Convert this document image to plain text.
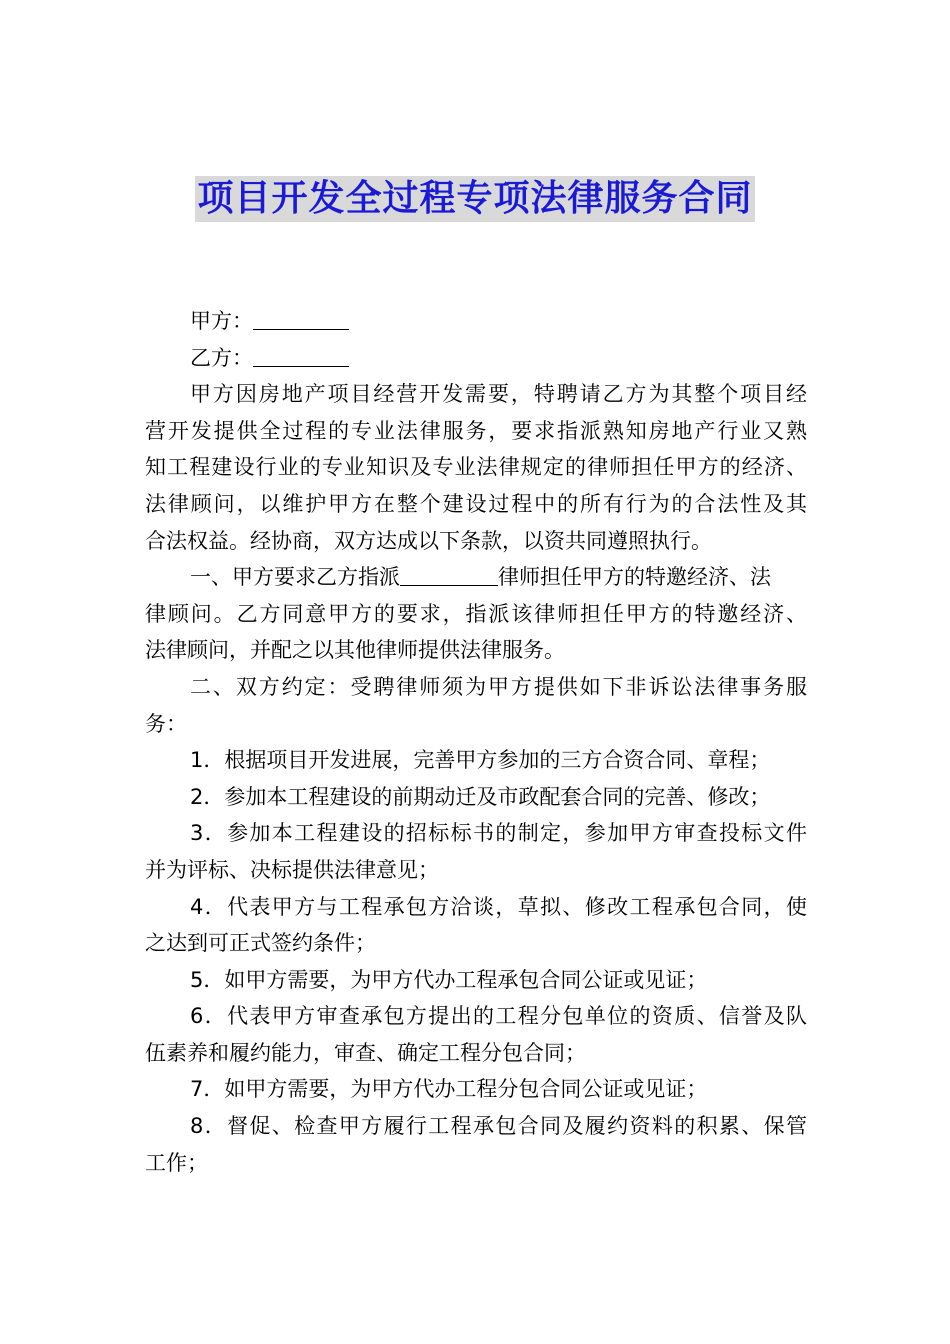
项目开发全过程专项法律服务合同
甲方：
乙方：
甲方因房地产项目经营开发需要，特聘请乙方为其整个项目经
营开发提供全过程的专业法律服务，要求指派熟知房地产行业又熟
知工程建设行业的专业知识及专业法律规定的律师担任甲方的经济、
法律顾问，以维护甲方在整个建设过程中的所有行为的合法性及其
合法权益。经协商，双方达成以下条款，以资共同遵照执行。
一、甲方要求乙方指派	律师担任甲方的特邀经济、法
律顾问。乙方同意甲方的要求，指派该律师担任甲方的特邀经济、
法律顾问，并配之以其他律师提供法律服务。
二、双方约定：受聘律师须为甲方提供如下非诉讼法律事务服
务：
1．根据项目开发进展，完善甲方参加的三方合资合同、章程；
2．参加本工程建设的前期动迁及市政配套合同的完善、修改；
3．参加本工程建设的招标标书的制定，参加甲方审查投标文件
并为评标、决标提供法律意见；
4．代表甲方与工程承包方洽谈，草拟、修改工程承包合同，使
之达到可正式签约条件；
5．如甲方需要，为甲方代办工程承包合同公证或见证；
6．代表甲方审查承包方提出的工程分包单位的资质、信誉及队
伍素养和履约能力，审查、确定工程分包合同；
7．如甲方需要，为甲方代办工程分包合同公证或见证；
8．督促、检查甲方履行工程承包合同及履约资料的积累、保管
工作；
